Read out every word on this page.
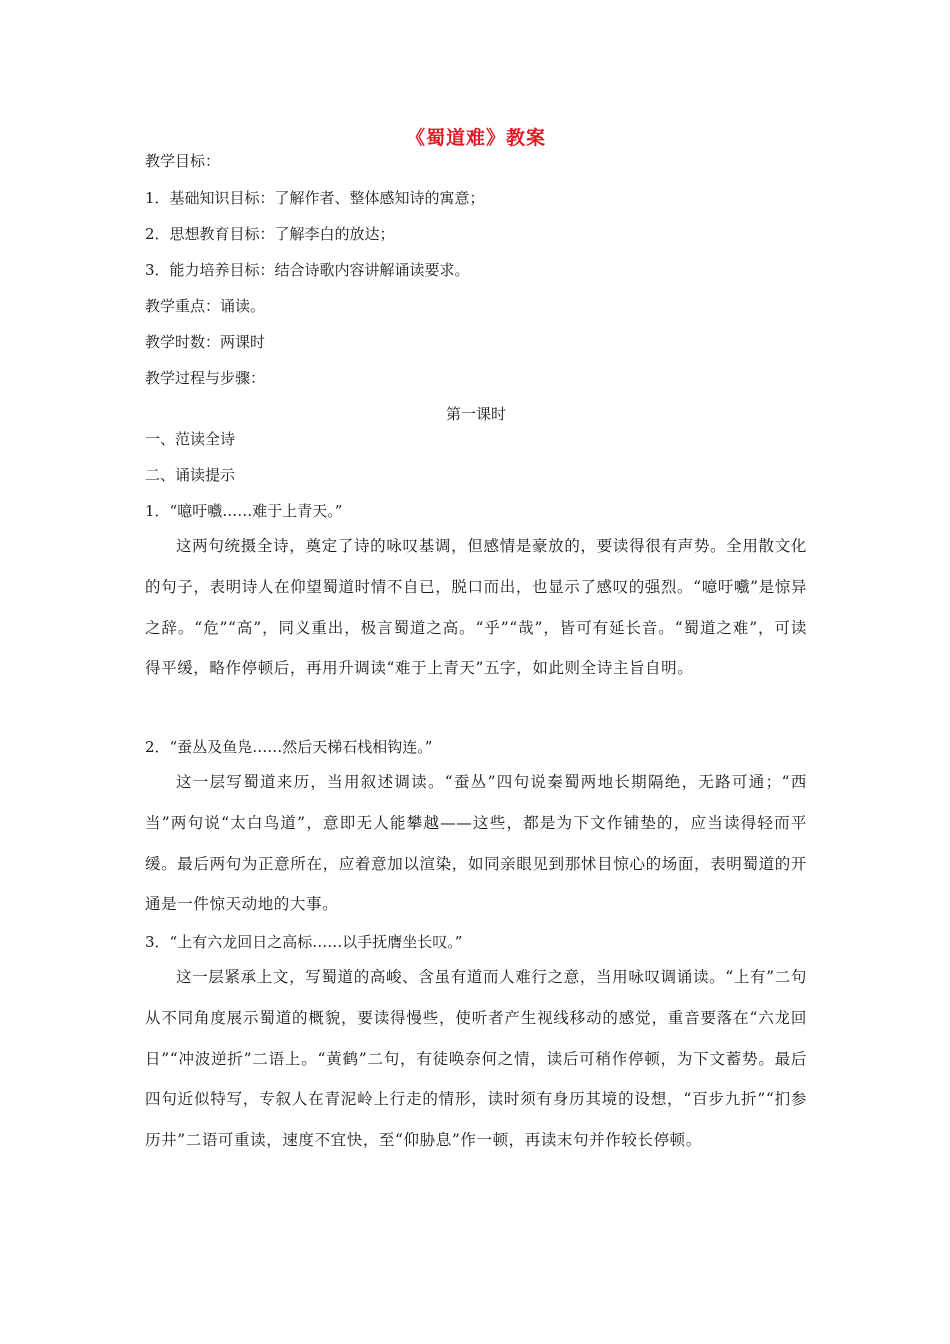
《蜀道难》教案
教学目标：
1．基础知识目标：了解作者、整体感知诗的寓意；
2．思想教育目标：了解李白的放达；
3．能力培养目标：结合诗歌内容讲解诵读要求。
教学重点：诵读。
教学时数：两课时
教学过程与步骤：
第一课时
一、范读全诗
二、诵读提示
1．“噫吁嚱……难于上青天。”
这两句统摄全诗，奠定了诗的咏叹基调，但感情是豪放的，要读得很有声势。全用散文化的句子，表明诗人在仰望蜀道时情不自已，脱口而出，也显示了感叹的强烈。“噫吁嚱”是惊异之辞。“危”“高”，同义重出，极言蜀道之高。“乎”“哉”，皆可有延长音。“蜀道之难”，可读得平缓，略作停顿后，再用升调读“难于上青天”五字，如此则全诗主旨自明。
2．“蚕丛及鱼凫……然后天梯石栈相钩连。”
这一层写蜀道来历，当用叙述调读。“蚕丛”四句说秦蜀两地长期隔绝，无路可通；“西当”两句说“太白鸟道”，意即无人能攀越——这些，都是为下文作铺垫的，应当读得轻而平缓。最后两句为正意所在，应着意加以渲染，如同亲眼见到那怵目惊心的场面，表明蜀道的开通是一件惊天动地的大事。
3．“上有六龙回日之高标……以手抚膺坐长叹。”
这一层紧承上文，写蜀道的高峻、含虽有道而人难行之意，当用咏叹调诵读。“上有”二句从不同角度展示蜀道的概貌，要读得慢些，使听者产生视线移动的感觉，重音要落在“六龙回日”“冲波逆折”二语上。“黄鹤”二句，有徒唤奈何之情，读后可稍作停顿，为下文蓄势。最后四句近似特写，专叙人在青泥岭上行走的情形，读时须有身历其境的设想，“百步九折”“扪参历井”二语可重读，速度不宜快，至“仰胁息”作一顿，再读末句并作较长停顿。
